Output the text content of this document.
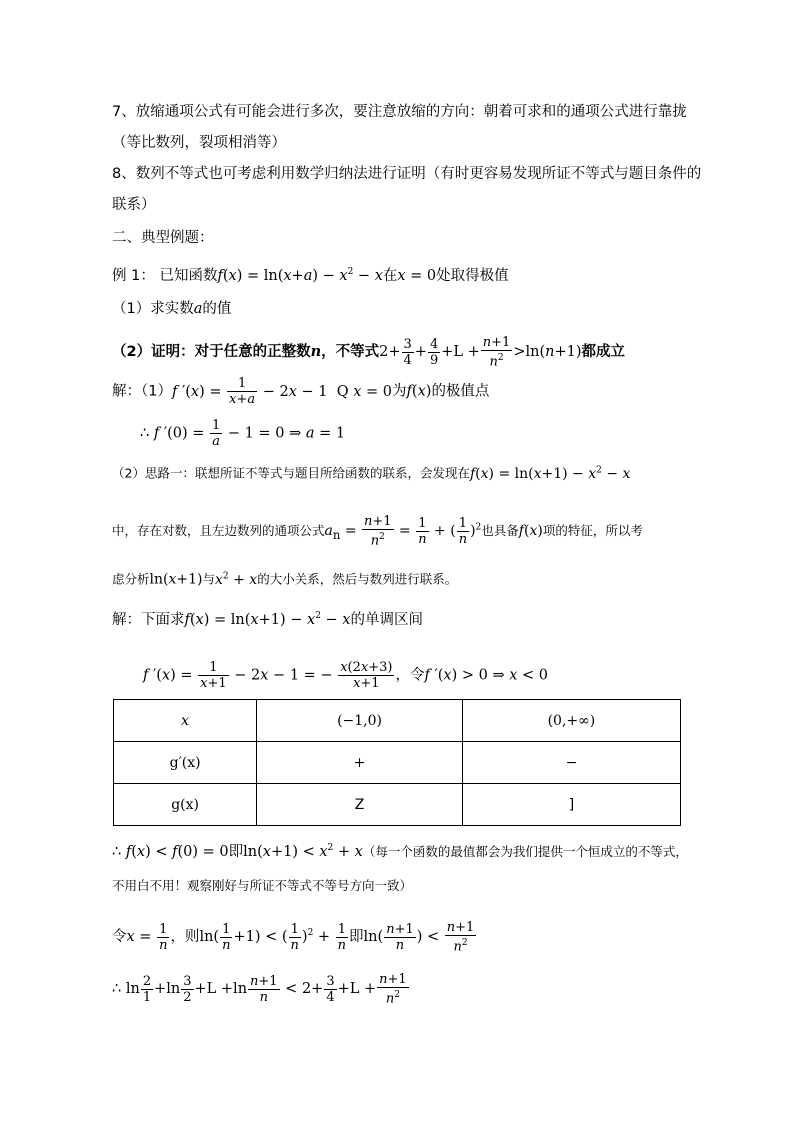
7、放缩通项公式有可能会进行多次，要注意放缩的方向：朝着可求和的通项公式进行靠拢
（等比数列，裂项相消等）
8、数列不等式也可考虑利用数学归纳法进行证明（有时更容易发现所证不等式与题目条件的
联系）
二、典型例题：
例 1： 已知函数$f(x) = \ln(x+a) - x^2 - x$在x = 0处取得极值
（1）求实数a的值
（2）证明：对于任意的正整数n，不等式$2+ \frac{3}{4} + \frac{4}{9} +L + \frac{n+1}{n^2} >\ln(n+1)$都成立
解：（1）f $'(x) = \frac{1}{x+a} - 2x - 1$  Q x = 0为f(x)的极值点
∴ f $'(0) = \frac{1}{a} - 1 = 0$ ⇒ a = 1
（2）思路一：联想所证不等式与题目所给函数的联系，会发现在$f(x) = \ln(x+1) - x^2 - x$
中，存在对数，且左边数列的通项公式$a_n = \frac{n+1}{n^2} = \frac{1}{n}$ + ( $\frac{1}{n} )^2$也具备f(x)项的特征，所以考
虑分析ln(x+1)与$x^2 + x$的大小关系，然后与数列进行联系。
解：下面求$f(x) = \ln(x+1) - x^2 - x$的单调区间
f $'(x) = \frac{1}{x+1} - 2x - 1$ = − $\frac{x(2x+3)}{x+1}$ ，令f ′(x) > 0 ⇒ x < 0
x	(−1,0)	(0,+∞)
g′(x)	+	−
g(x)	Z	]
∴ f(x) < f(0) = 0即$\ln(x+1) < x^2 + x$（每一个函数的最值都会为我们提供一个恒成立的不等式，
不用白不用！观察刚好与所证不等式不等号方向一致）
令$x = \frac{1}{n}$ ，则$\ln( \frac{1}{n} +1)$ < ( $\frac{1}{n} )^2 + \frac{1}{n}$ 即$\ln( \frac{n+1}{n}$ ) < $\frac{n+1}{n^2}$
∴ $\ln \frac{2}{1} +\ln \frac{3}{2} +L +\ln \frac{n+1}{n} < 2+ \frac{3}{4} +L + \frac{n+1}{n^2}$
